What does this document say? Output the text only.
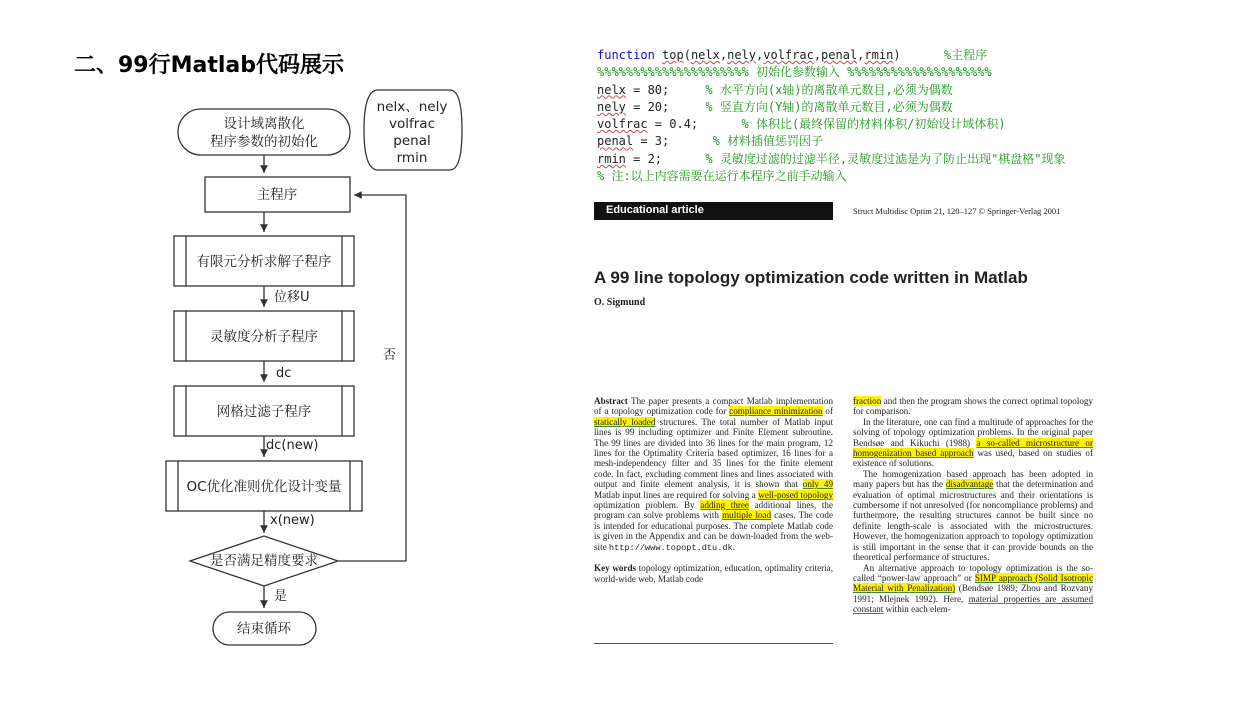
二、99行Matlab代码展示
设计域离散化
程序参数的初始化
nelx、nely
volfrac
penal
rmin
主程序
有限元分析求解子程序
位移U
灵敏度分析子程序
dc
网格过滤子程序
dc(new)
OC优化准则优化设计变量
x(new)
是否满足精度要求
否
是
结束循环
function top(nelx,nely,volfrac,penal,rmin)      %主程序
%%%%%%%%%%%%%%%%%%%%% 初始化参数输入 %%%%%%%%%%%%%%%%%%%%
nelx = 80;     % 水平方向(x轴)的离散单元数目,必须为偶数
nely = 20;     % 竖直方向(Y轴)的离散单元数目,必须为偶数
volfrac = 0.4;      % 体积比(最终保留的材料体积/初始设计域体积)
penal = 3;      % 材料插值惩罚因子
rmin = 2;      % 灵敏度过滤的过滤半径,灵敏度过滤是为了防止出现"棋盘格"现象
% 注:以上内容需要在运行本程序之前手动输入
Educational article	Struct Multidisc Optim 21, 120–127 © Springer-Verlag 2001
A 99 line topology optimization code written in Matlab
O. Sigmund

Abstract The paper presents a compact Matlab implementation of a topology optimization code for compliance minimization of statically loaded structures. The total number of Matlab input lines is 99 including optimizer and Finite Element subroutine. The 99 lines are divided into 36 lines for the main program, 12 lines for the Optimality Criteria based optimizer, 16 lines for a mesh-independency filter and 35 lines for the finite element code. In fact, excluding comment lines and lines associated with output and finite element analysis, it is shown that only 49 Matlab input lines are required for solving a well-posed topology optimization problem. By adding three additional lines, the program can solve problems with multiple load cases. The code is intended for educational purposes. The complete Matlab code is given in the Appendix and can be down-loaded from the web-site http://www.topopt.dtu.dk.

Key words topology optimization, education, optimality criteria, world-wide web, Matlab code

fraction and then the program shows the correct optimal topology for comparison.

In the literature, one can find a multitude of approaches for the solving of topology optimization problems. In the original paper Bendsøe and Kikuchi (1988) a so-called microstructure or homogenization based approach was used, based on studies of existence of solutions.

The homogenization based approach has been adopted in many papers but has the disadvantage that the determination and evaluation of optimal microstructures and their orientations is cumbersome if not unresolved (for noncompliance problems) and furthermore, the resulting structures cannot be built since no definite length-scale is associated with the microstructures. However, the homogenization approach to topology optimization is still important in the sense that it can provide bounds on the theoretical performance of structures.

An alternative approach to topology optimization is the so-called “power-law approach” or SIMP approach (Solid Isotropic Material with Penalization) (Bendsøe 1989; Zhou and Rozvany 1991; Mlejnek 1992). Here, material properties are assumed constant within each elem-
